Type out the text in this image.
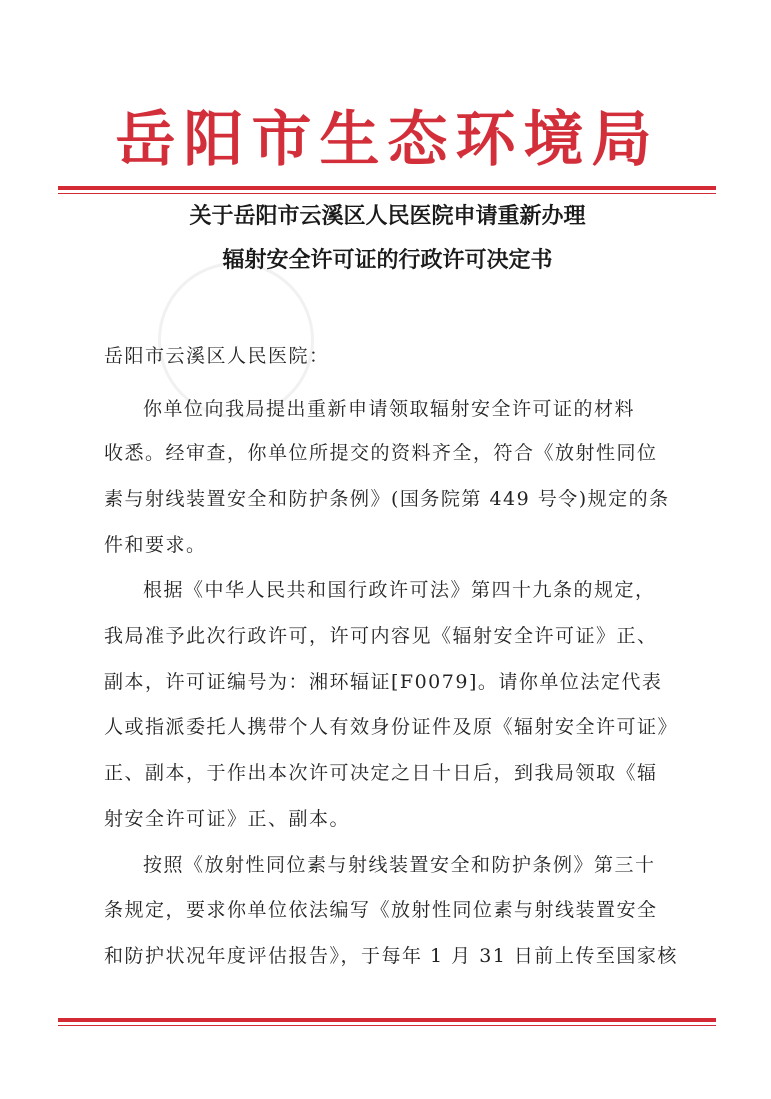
岳阳市生态环境局
关于岳阳市云溪区人民医院申请重新办理
辐射安全许可证的行政许可决定书
岳阳市云溪区人民医院：
你单位向我局提出重新申请领取辐射安全许可证的材料
收悉。经审查，你单位所提交的资料齐全，符合《放射性同位
素与射线装置安全和防护条例》(国务院第 449 号令)规定的条
件和要求。
根据《中华人民共和国行政许可法》第四十九条的规定，
我局准予此次行政许可，许可内容见《辐射安全许可证》正、
副本，许可证编号为：湘环辐证[F0079]。请你单位法定代表
人或指派委托人携带个人有效身份证件及原《辐射安全许可证》
正、副本，于作出本次许可决定之日十日后，到我局领取《辐
射安全许可证》正、副本。
按照《放射性同位素与射线装置安全和防护条例》第三十
条规定，要求你单位依法编写《放射性同位素与射线装置安全
和防护状况年度评估报告》，于每年 1 月 31 日前上传至国家核
